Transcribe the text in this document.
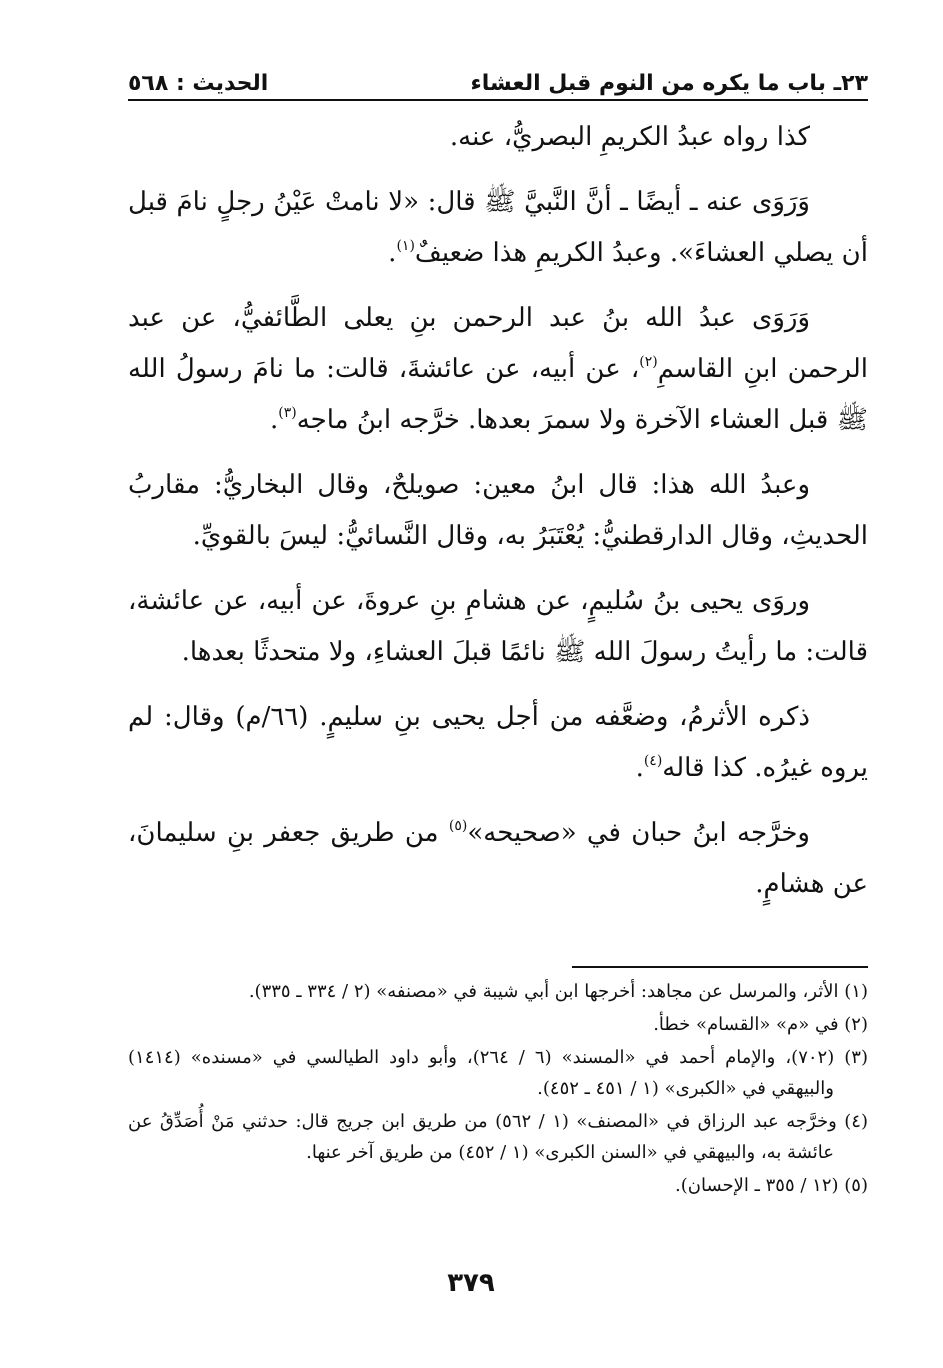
٢٣ـ باب ما يكره من النوم قبل العشاء
الحديث : ٥٦٨

كذا رواه عبدُ الكريمِ البصريُّ، عنه.

وَرَوَى عنه ـ أيضًا ـ أنَّ النَّبيَّ ﷺ قال: «لا نامتْ عَيْنُ رجلٍ نامَ قبل أن يصلي العشاءَ». وعبدُ الكريمِ هذا ضعيفٌ$^{(١)}$.

وَرَوَى عبدُ الله بنُ عبد الرحمن بنِ يعلى الطَّائفيُّ، عن عبد الرحمن ابنِ القاسمِ$^{(٢)}$، عن أبيه، عن عائشةَ، قالت: ما نامَ رسولُ الله ﷺ قبل العشاء الآخرة ولا سمرَ بعدها. خرَّجه ابنُ ماجه$^{(٣)}$.

وعبدُ الله هذا: قال ابنُ معين: صويلحٌ، وقال البخاريُّ: مقاربُ الحديثِ، وقال الدارقطنيُّ: يُعْتَبَرُ به، وقال النَّسائيُّ: ليسَ بالقويِّ.

وروَى يحيى بنُ سُليمٍ، عن هشامِ بنِ عروةَ، عن أبيه، عن عائشة، قالت: ما رأيتُ رسولَ الله ﷺ نائمًا قبلَ العشاءِ، ولا متحدثًا بعدها.

ذكره الأثرمُ، وضعَّفه من أجل يحيى بنِ سليمٍ. (٦٦/م) وقال: لم يروه غيرُه. كذا قاله$^{(٤)}$.

وخرَّجه ابنُ حبان في «صحيحه»$^{(٥)}$ من طريق جعفر بنِ سليمانَ، عن هشامٍ.

(١) الأثر، والمرسل عن مجاهد: أخرجها ابن أبي شيبة في «مصنفه» (٢ / ٣٣٤ ـ ٣٣٥).
(٢) في «م» «القسام» خطأ.
(٣) (٧٠٢)، والإمام أحمد في «المسند» (٦ / ٢٦٤)، وأبو داود الطيالسي في «مسنده» (١٤١٤) والبيهقي في «الكبرى» (١ / ٤٥١ ـ ٤٥٢).
(٤) وخرَّجه عبد الرزاق في «المصنف» (١ / ٥٦٢) من طريق ابن جريج قال: حدثني مَنْ أُصَدِّقُ عن عائشة به، والبيهقي في «السنن الكبرى» (١ / ٤٥٢) من طريق آخر عنها.
(٥) (١٢ / ٣٥٥ ـ الإحسان).
٣٧٩
